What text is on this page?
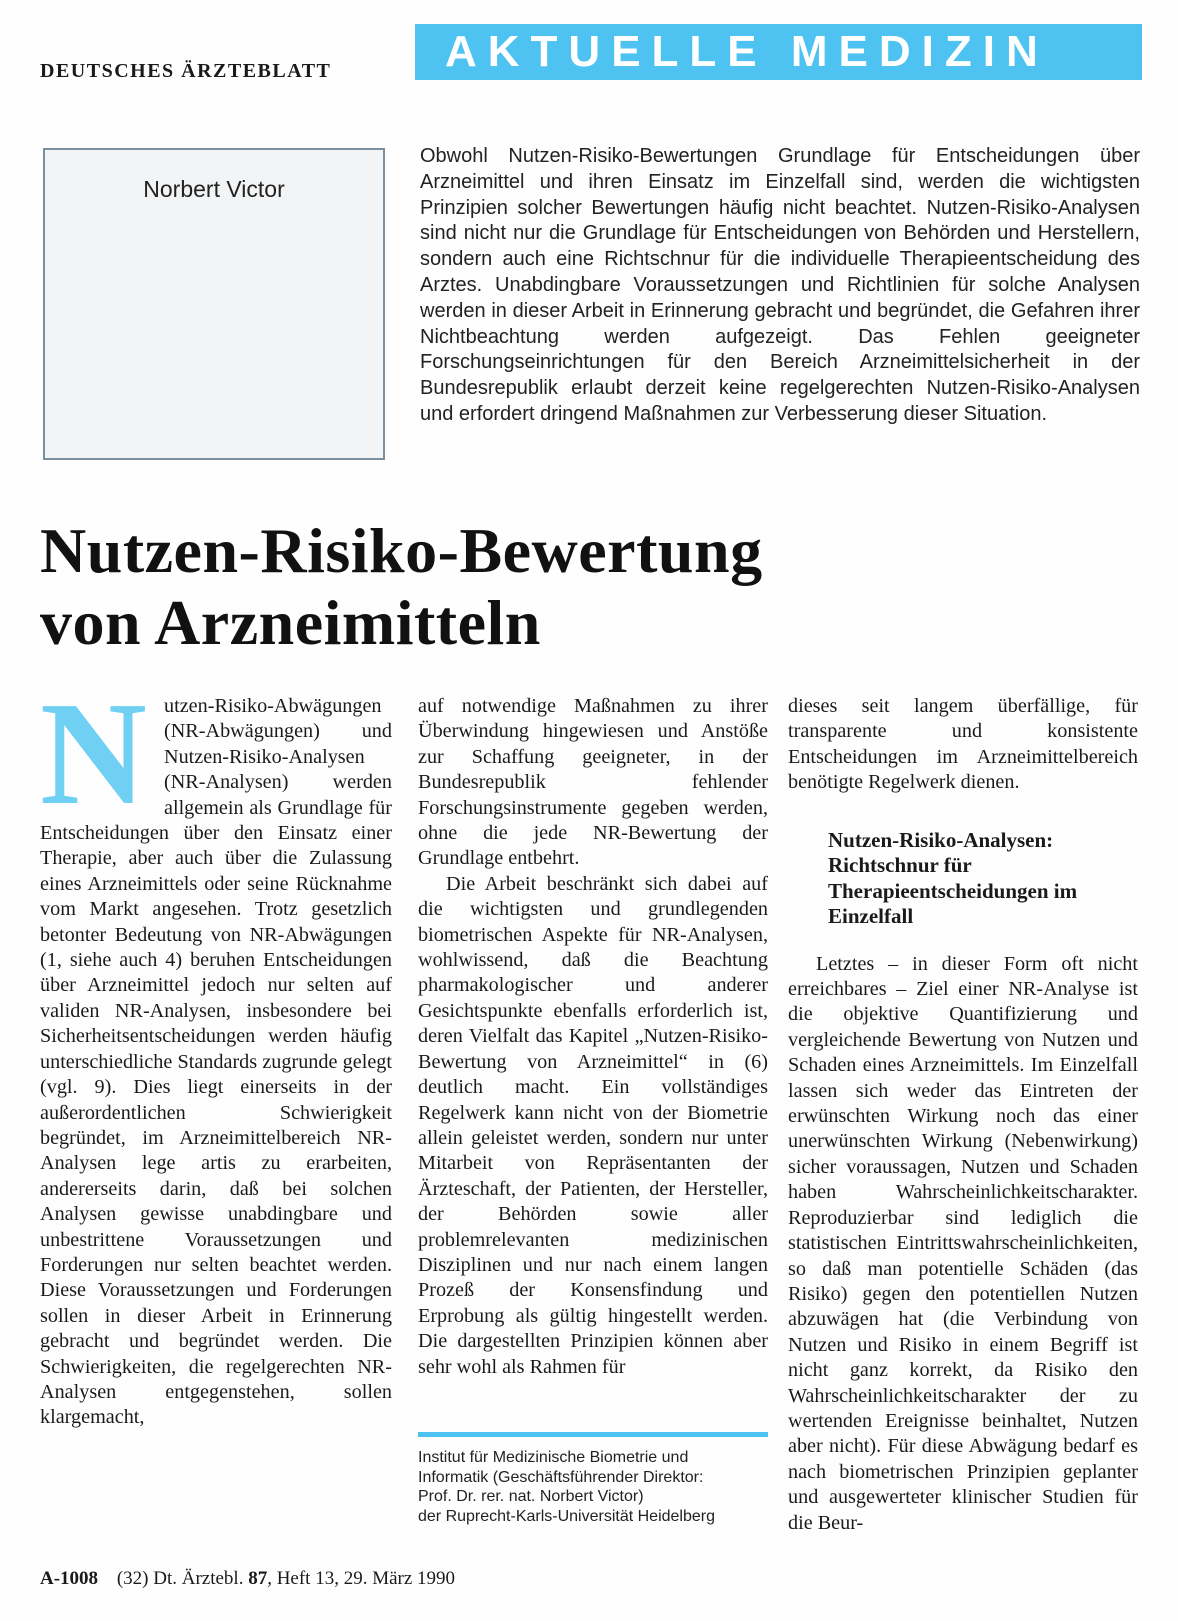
DEUTSCHES ÄRZTEBLATT	AKTUELLE MEDIZIN
Norbert Victor

Obwohl Nutzen-Risiko-Bewertungen Grundlage für Entscheidungen über Arzneimittel und ihren Einsatz im Einzelfall sind, werden die wichtigsten Prinzipien solcher Bewertungen häufig nicht beachtet. Nutzen-Risiko-Analysen sind nicht nur die Grundlage für Entscheidungen von Behörden und Herstellern, sondern auch eine Richtschnur für die individuelle Therapieentscheidung des Arztes. Unabdingbare Voraussetzungen und Richtlinien für solche Analysen werden in dieser Arbeit in Erinnerung gebracht und begründet, die Gefahren ihrer Nichtbeachtung werden aufgezeigt. Das Fehlen geeigneter Forschungseinrichtungen für den Bereich Arzneimittelsicherheit in der Bundesrepublik erlaubt derzeit keine regelgerechten Nutzen-Risiko-Analysen und erfordert dringend Maßnahmen zur Verbesserung dieser Situation.

Nutzen-Risiko-Bewertung
von Arzneimitteln

Nutzen-Risiko-Abwägungen (NR-Abwägungen) und Nutzen-Risiko-Analysen (NR-Analysen) werden allgemein als Grundlage für Entscheidungen über den Einsatz einer Therapie, aber auch über die Zulassung eines Arzneimittels oder seine Rücknahme vom Markt angesehen. Trotz gesetzlich betonter Bedeutung von NR-Abwägungen (1, siehe auch 4) beruhen Entscheidungen über Arzneimittel jedoch nur selten auf validen NR-Analysen, insbesondere bei Sicherheitsentscheidungen werden häufig unterschiedliche Standards zugrunde gelegt (vgl. 9). Dies liegt einerseits in der außerordentlichen Schwierigkeit begründet, im Arzneimittelbereich NR-Analysen lege artis zu erarbeiten, andererseits darin, daß bei solchen Analysen gewisse unabdingbare und unbestrittene Voraussetzungen und Forderungen nur selten beachtet werden. Diese Voraussetzungen und Forderungen sollen in dieser Arbeit in Erinnerung gebracht und begründet werden. Die Schwierigkeiten, die regelgerechten NR-Analysen entgegenstehen, sollen klargemacht,

auf notwendige Maßnahmen zu ihrer Überwindung hingewiesen und Anstöße zur Schaffung geeigneter, in der Bundesrepublik fehlender Forschungsinstrumente gegeben werden, ohne die jede NR-Bewertung der Grundlage entbehrt.

Die Arbeit beschränkt sich dabei auf die wichtigsten und grundlegenden biometrischen Aspekte für NR-Analysen, wohlwissend, daß die Beachtung pharmakologischer und anderer Gesichtspunkte ebenfalls erforderlich ist, deren Vielfalt das Kapitel „Nutzen-Risiko-Bewertung von Arzneimittel“ in (6) deutlich macht. Ein vollständiges Regelwerk kann nicht von der Biometrie allein geleistet werden, sondern nur unter Mitarbeit von Repräsentanten der Ärzteschaft, der Patienten, der Hersteller, der Behörden sowie aller problemrelevanten medizinischen Disziplinen und nur nach einem langen Prozeß der Konsensfindung und Erprobung als gültig hingestellt werden. Die dargestellten Prinzipien können aber sehr wohl als Rahmen für

Institut für Medizinische Biometrie und
Informatik (Geschäftsführender Direktor:
Prof. Dr. rer. nat. Norbert Victor)
der Ruprecht-Karls-Universität Heidelberg

dieses seit langem überfällige, für transparente und konsistente Entscheidungen im Arzneimittelbereich benötigte Regelwerk dienen.

Nutzen-Risiko-Analysen: Richtschnur für Therapieentscheidungen im Einzelfall

Letztes – in dieser Form oft nicht erreichbares – Ziel einer NR-Analyse ist die objektive Quantifizierung und vergleichende Bewertung von Nutzen und Schaden eines Arzneimittels. Im Einzelfall lassen sich weder das Eintreten der erwünschten Wirkung noch das einer unerwünschten Wirkung (Nebenwirkung) sicher voraussagen, Nutzen und Schaden haben Wahrscheinlichkeitscharakter. Reproduzierbar sind lediglich die statistischen Eintrittswahrscheinlichkeiten, so daß man potentielle Schäden (das Risiko) gegen den potentiellen Nutzen abzuwägen hat (die Verbindung von Nutzen und Risiko in einem Begriff ist nicht ganz korrekt, da Risiko den Wahrscheinlichkeitscharakter der zu wertenden Ereignisse beinhaltet, Nutzen aber nicht). Für diese Abwägung bedarf es nach biometrischen Prinzipien geplanter und ausgewerteter klinischer Studien für die Beur-

A-1008 (32) Dt. Ärztebl. 87, Heft 13, 29. März 1990
